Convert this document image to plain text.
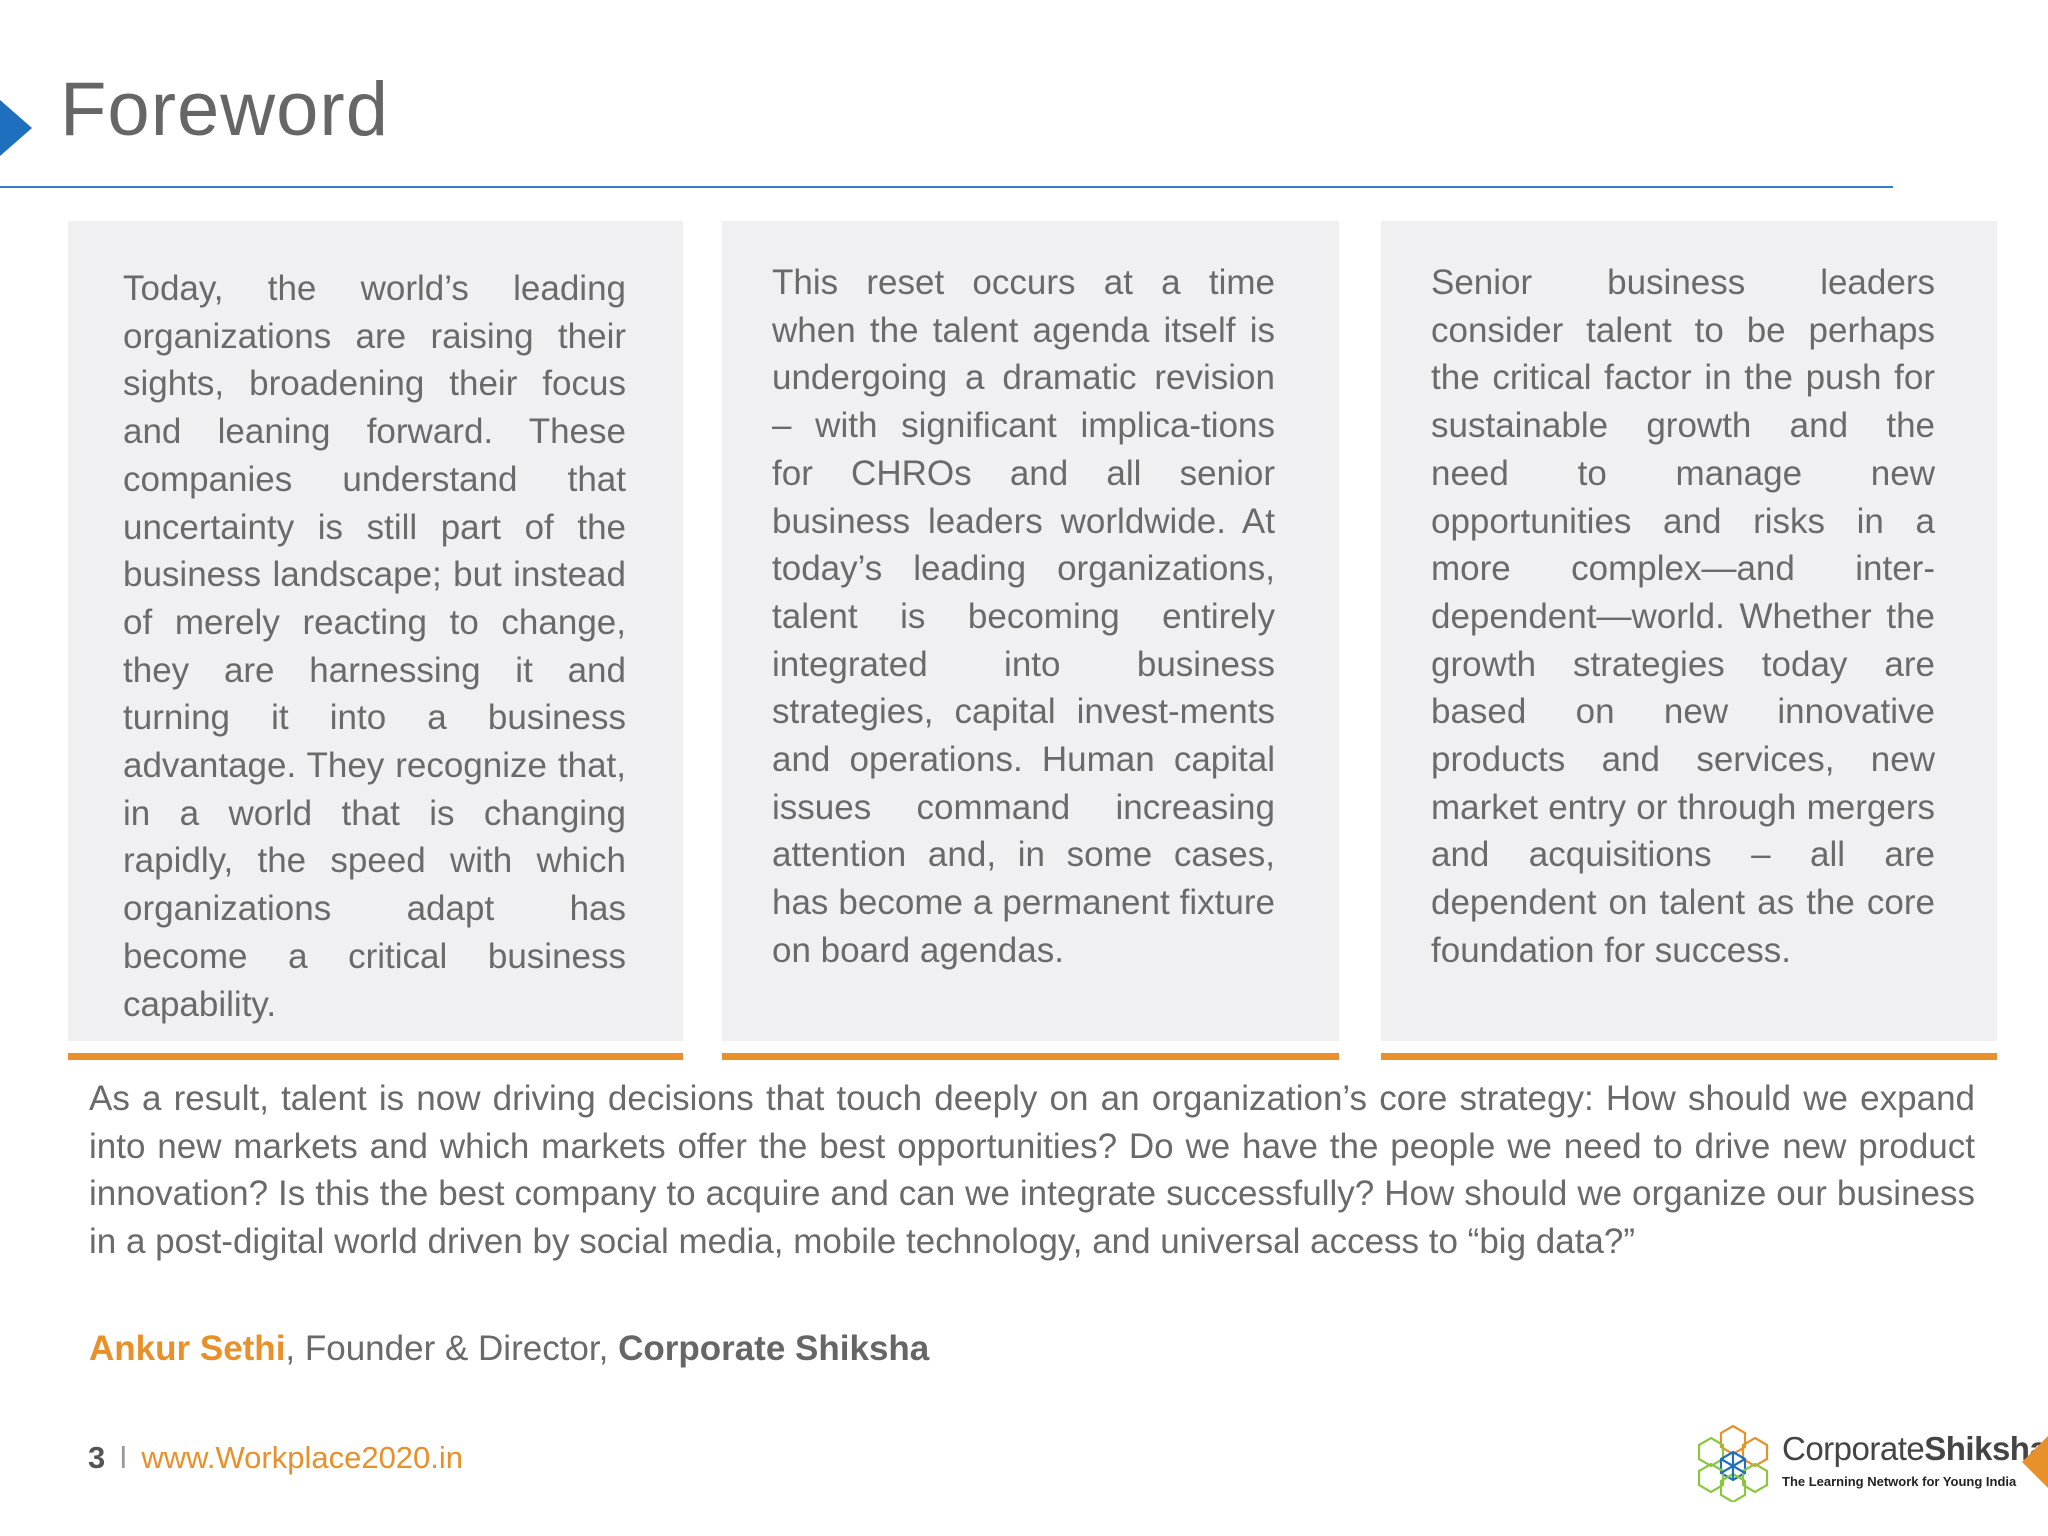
Foreword

Today, the world’s leading organizations are raising their sights, broadening their focus and leaning forward. These companies understand that uncertainty is still part of the business landscape; but instead of merely reacting to change, they are harnessing it and turning it into a business advantage. They recognize that, in a world that is changing rapidly, the speed with which organizations adapt has become a critical business capability.

This reset occurs at a time when the talent agenda itself is undergoing a dramatic revision – with significant implica-tions for CHROs and all senior business leaders worldwide. At today’s leading organizations, talent is becoming entirely integrated into business strategies, capital invest-ments and operations. Human capital issues command increasing attention and, in some cases, has become a permanent fixture on board agendas.

Senior business leaders consider talent to be perhaps the critical factor in the push for sustainable growth and the need to manage new opportunities and risks in a more complex—and inter-dependent—world. Whether the growth strategies today are based on new innovative products and services, new market entry or through mergers and acquisitions – all are dependent on talent as the core foundation for success.

As a result, talent is now driving decisions that touch deeply on an organization’s core strategy: How should we expand into new markets and which markets offer the best opportunities? Do we have the people we need to drive new product innovation? Is this the best company to acquire and can we integrate successfully? How should we organize our business in a post-digital world driven by social media, mobile technology, and universal access to “big data?”

Ankur Sethi, Founder & Director, Corporate Shiksha
3 l www.Workplace2020.in	CorporateShiksha
The Learning Network for Young India
